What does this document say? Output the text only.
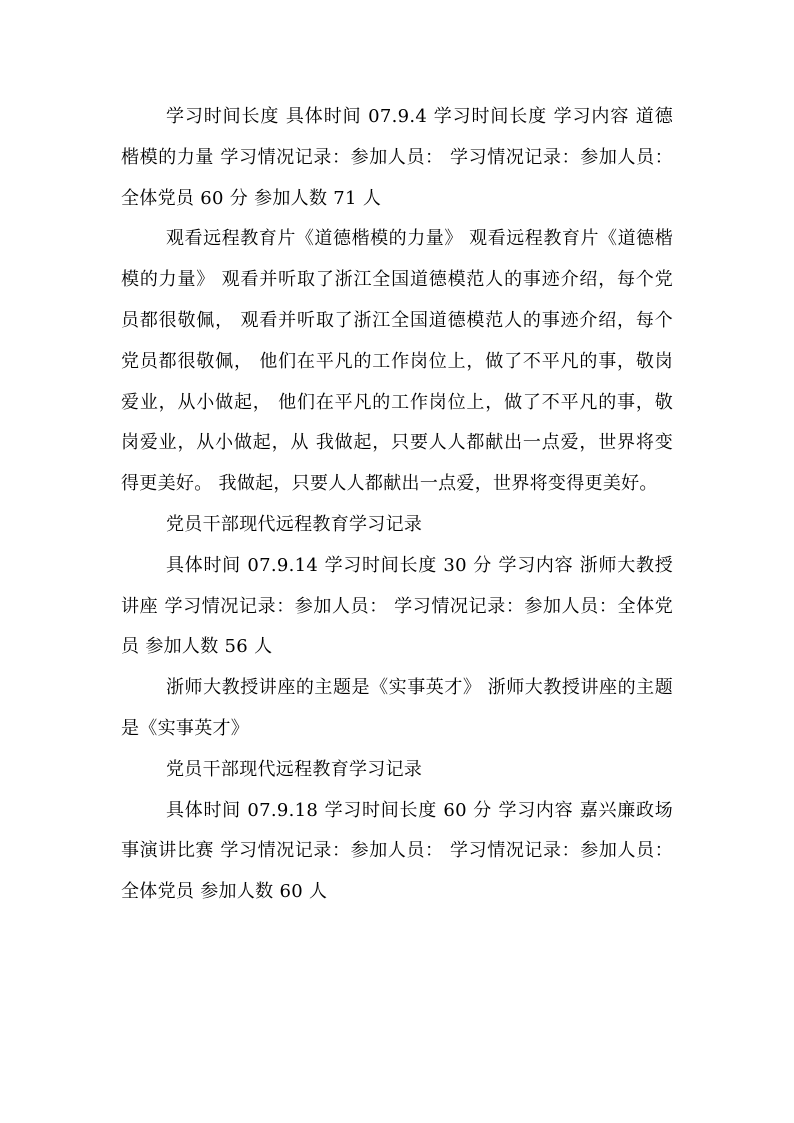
学习时间长度 具体时间 07.9.4 学习时间长度 学习内容 道德楷模的力量 学习情况记录：参加人员： 学习情况记录：参加人员：全体党员 60 分 参加人数 71 人

观看远程教育片《道德楷模的力量》 观看远程教育片《道德楷模的力量》 观看并听取了浙江全国道德模范人的事迹介绍，每个党员都很敬佩， 观看并听取了浙江全国道德模范人的事迹介绍，每个党员都很敬佩， 他们在平凡的工作岗位上，做了不平凡的事，敬岗爱业，从小做起， 他们在平凡的工作岗位上，做了不平凡的事，敬岗爱业，从小做起，从 我做起，只要人人都献出一点爱，世界将变得更美好。 我做起，只要人人都献出一点爱，世界将变得更美好。

党员干部现代远程教育学习记录

具体时间 07.9.14 学习时间长度 30 分 学习内容 浙师大教授讲座 学习情况记录：参加人员： 学习情况记录：参加人员：全体党员 参加人数 56 人

浙师大教授讲座的主题是《实事英才》 浙师大教授讲座的主题是《实事英才》

党员干部现代远程教育学习记录

具体时间 07.9.18 学习时间长度 60 分 学习内容 嘉兴廉政场事演讲比赛 学习情况记录：参加人员： 学习情况记录：参加人员：全体党员 参加人数 60 人
